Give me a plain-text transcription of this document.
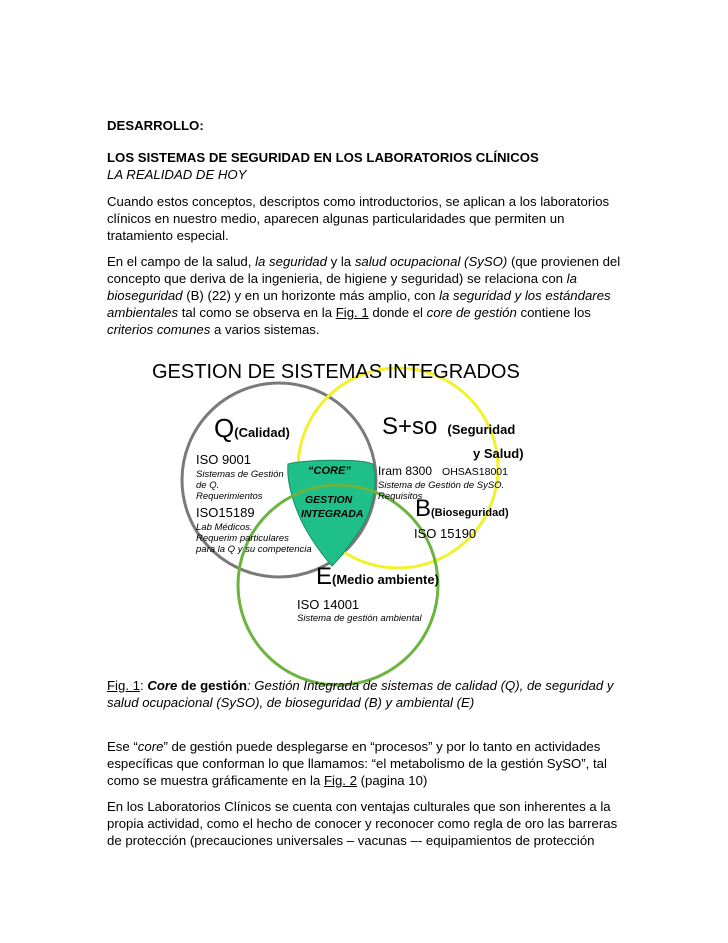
DESARROLLO:
LOS SISTEMAS DE SEGURIDAD EN LOS LABORATORIOS CLÍNICOS
LA REALIDAD DE HOY
Cuando estos conceptos, descriptos como introductorios, se aplican a los laboratorios
clínicos en nuestro medio, aparecen algunas particularidades que permiten un
tratamiento especial.
En el campo de la salud, la seguridad y la salud ocupacional (SySO) (que provienen del
concepto que deriva de la ingenieria, de higiene y seguridad) se relaciona con la
bioseguridad (B) (22) y en un horizonte más amplio, con la seguridad y los estándares
ambientales tal como se observa en la Fig. 1 donde el core de gestión contiene los
criterios comunes a varios sistemas.
GESTION DE SISTEMAS INTEGRADOS
Q(Calidad)	S+so (Seguridad
y Salud)
ISO 9001
Sistemas de Gestión
de Q.
Requerimientos
ISO15189
Lab Médicos.
Requerim particulares
para la Q y su competencia
“CORE”
GESTION
INTEGRADA
Iram 8300 OHSAS18001
Sistema de Gestión de SySO.
Requisitos
B(Bioseguridad)
ISO 15190
E(Medio ambiente)
ISO 14001
Sistema de gestión ambiental
Fig. 1: Core de gestión: Gestión Integrada de sistemas de calidad (Q), de seguridad y
salud ocupacional (SySO), de bioseguridad (B) y ambiental (E)
Ese “core” de gestión puede desplegarse en “procesos” y por lo tanto en actividades
específicas que conforman lo que llamamos: “el metabolismo de la gestión SySO”, tal
como se muestra gráficamente en la Fig. 2 (pagina 10)
En los Laboratorios Clínicos se cuenta con ventajas culturales que son inherentes a la
propia actividad, como el hecho de conocer y reconocer como regla de oro las barreras
de protección (precauciones universales – vacunas –- equipamientos de protección
